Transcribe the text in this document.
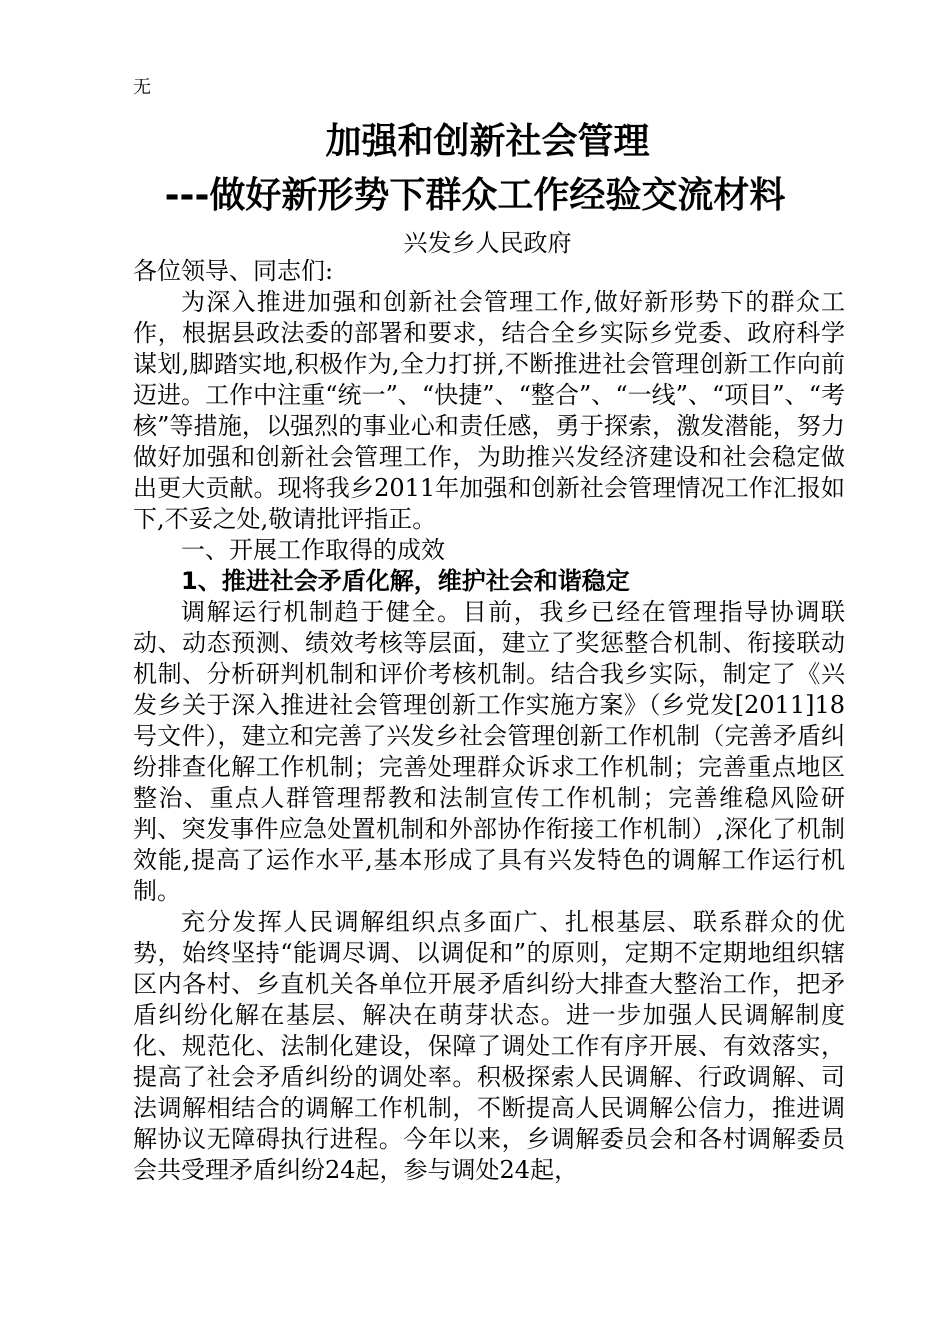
无
加强和创新社会管理
---做好新形势下群众工作经验交流材料
兴发乡人民政府

各位领导、同志们:

为深入推进加强和创新社会管理工作,做好新形势下的群众工作，根据县政法委的部署和要求，结合全乡实际乡党委、政府科学谋划,脚踏实地,积极作为,全力打拼,不断推进社会管理创新工作向前迈进。工作中注重“统一”、“快捷”、“整合”、“一线”、“项目”、“考核”等措施，以强烈的事业心和责任感，勇于探索，激发潜能，努力做好加强和创新社会管理工作，为助推兴发经济建设和社会稳定做出更大贡献。现将我乡2011年加强和创新社会管理情况工作汇报如下,不妥之处,敬请批评指正。

一、开展工作取得的成效

1、推进社会矛盾化解，维护社会和谐稳定

调解运行机制趋于健全。目前，我乡已经在管理指导协调联动、动态预测、绩效考核等层面，建立了奖惩整合机制、衔接联动机制、分析研判机制和评价考核机制。结合我乡实际，制定了《兴发乡关于深入推进社会管理创新工作实施方案》（乡党发[2011]18号文件），建立和完善了兴发乡社会管理创新工作机制（完善矛盾纠纷排查化解工作机制；完善处理群众诉求工作机制；完善重点地区整治、重点人群管理帮教和法制宣传工作机制；完善维稳风险研判、突发事件应急处置机制和外部协作衔接工作机制）,深化了机制效能,提高了运作水平,基本形成了具有兴发特色的调解工作运行机制。

充分发挥人民调解组织点多面广、扎根基层、联系群众的优势，始终坚持“能调尽调、以调促和”的原则，定期不定期地组织辖区内各村、乡直机关各单位开展矛盾纠纷大排查大整治工作，把矛盾纠纷化解在基层、解决在萌芽状态。进一步加强人民调解制度化、规范化、法制化建设，保障了调处工作有序开展、有效落实，提高了社会矛盾纠纷的调处率。积极探索人民调解、行政调解、司法调解相结合的调解工作机制，不断提高人民调解公信力，推进调解协议无障碍执行进程。今年以来，乡调解委员会和各村调解委员会共受理矛盾纠纷24起，参与调处24起，
